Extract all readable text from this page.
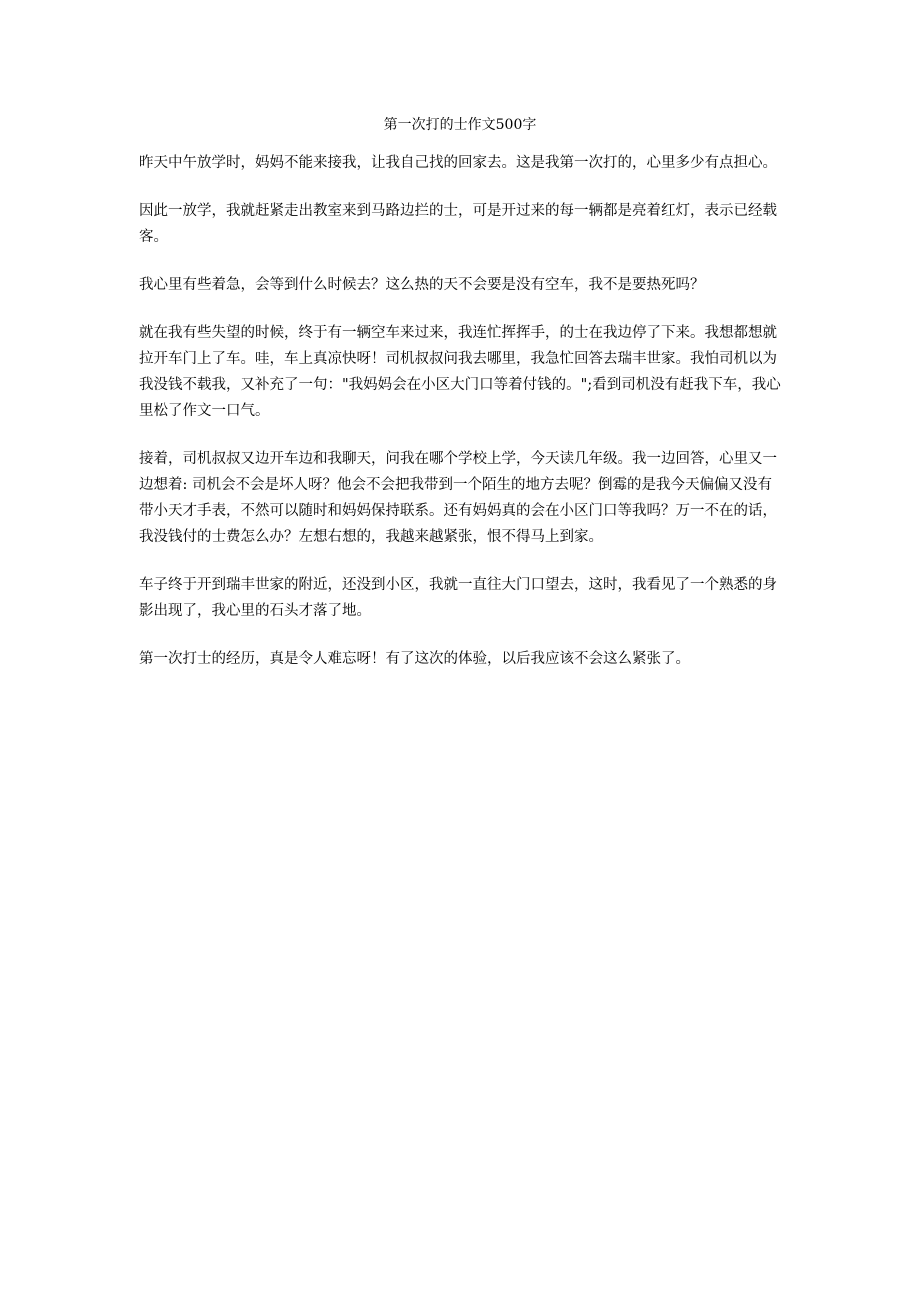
第一次打的士作文500字

昨天中午放学时，妈妈不能来接我，让我自己找的回家去。这是我第一次打的，心里多少有点担心。

因此一放学，我就赶紧走出教室来到马路边拦的士，可是开过来的每一辆都是亮着红灯，表示已经载客。

我心里有些着急，会等到什么时候去？这么热的天不会要是没有空车，我不是要热死吗？

就在我有些失望的时候，终于有一辆空车来过来，我连忙挥挥手，的士在我边停了下来。我想都想就拉开车门上了车。哇，车上真凉快呀！司机叔叔问我去哪里，我急忙回答去瑞丰世家。我怕司机以为我没钱不载我，又补充了一句："我妈妈会在小区大门口等着付钱的。";看到司机没有赶我下车，我心里松了作文一口气。

接着，司机叔叔又边开车边和我聊天，问我在哪个学校上学，今天读几年级。我一边回答，心里又一边想着: 司机会不会是坏人呀？他会不会把我带到一个陌生的地方去呢？倒霉的是我今天偏偏又没有带小天才手表，不然可以随时和妈妈保持联系。还有妈妈真的会在小区门口等我吗？万一不在的话，我没钱付的士费怎么办？左想右想的，我越来越紧张，恨不得马上到家。

车子终于开到瑞丰世家的附近，还没到小区，我就一直往大门口望去，这时，我看见了一个熟悉的身影出现了，我心里的石头才落了地。

第一次打士的经历，真是令人难忘呀！有了这次的体验，以后我应该不会这么紧张了。
